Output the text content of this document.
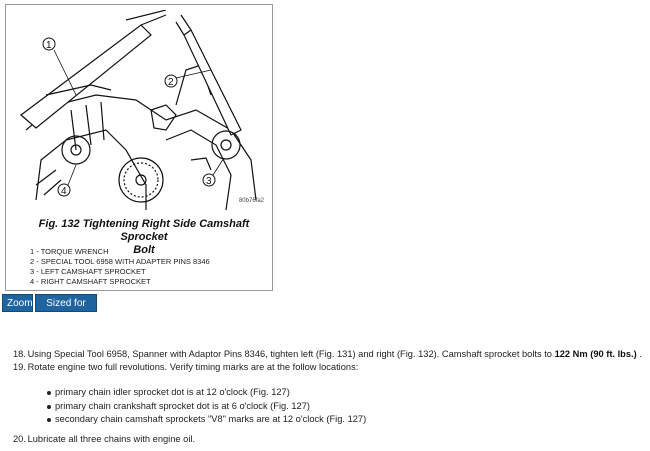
1
2
3
4
80b76fa2
Fig. 132 Tightening Right Side Camshaft Sprocket
Bolt
1 - TORQUE WRENCH
2 - SPECIAL TOOL 6958 WITH ADAPTER PINS 8346
3 - LEFT CAMSHAFT SPROCKET
4 - RIGHT CAMSHAFT SPROCKET
Zoom	Sized for Print
18. Using Special Tool 6958, Spanner with Adaptor Pins 8346, tighten left (Fig. 131) and right (Fig. 132). Camshaft sprocket bolts to 122 Nm (90 ft. lbs.) .
19. Rotate engine two full revolutions. Verify timing marks are at the follow locations:
primary chain idler sprocket dot is at 12 o'clock (Fig. 127)
primary chain crankshaft sprocket dot is at 6 o'clock (Fig. 127)
secondary chain camshaft sprockets "V8" marks are at 12 o'clock (Fig. 127)
20. Lubricate all three chains with engine oil.
